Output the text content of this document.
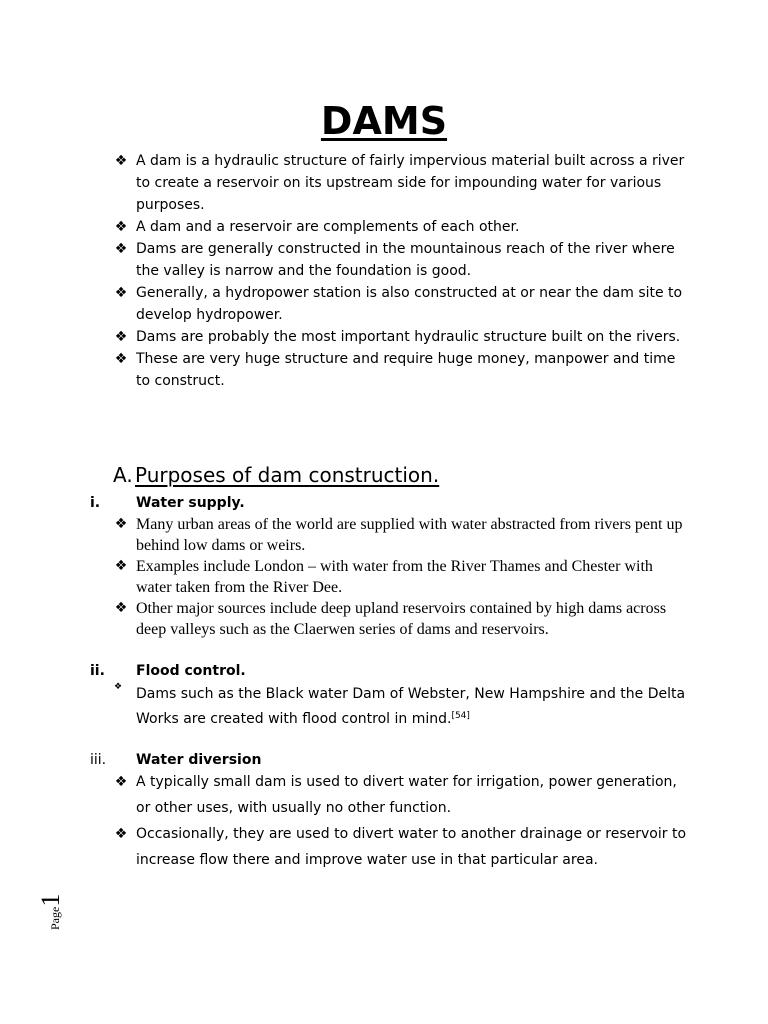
DAMS
❖ A dam is a hydraulic structure of fairly impervious material built across a river to create a reservoir on its upstream side for impounding water for various purposes.
❖ A dam and a reservoir are complements of each other.
❖ Dams are generally constructed in the mountainous reach of the river where the valley is narrow and the foundation is good.
❖ Generally, a hydropower station is also constructed at or near the dam site to develop hydropower.
❖ Dams are probably the most important hydraulic structure built on the rivers.
❖ These are very huge structure and require huge money, manpower and time to construct.
A. Purposes of dam construction.
i.	Water supply.
❖ Many urban areas of the world are supplied with water abstracted from rivers pent up behind low dams or weirs.
❖ Examples include London – with water from the River Thames and Chester with water taken from the River Dee.
❖ Other major sources include deep upland reservoirs contained by high dams across deep valleys such as the Claerwen series of dams and reservoirs.
ii. Flood control.
❖ Dams such as the Black water Dam of Webster, New Hampshire and the Delta Works are created with flood control in mind.[54]
iii. Water diversion
❖ A typically small dam is used to divert water for irrigation, power generation, or other uses, with usually no other function.
❖ Occasionally, they are used to divert water to another drainage or reservoir to increase flow there and improve water use in that particular area.
Page1
